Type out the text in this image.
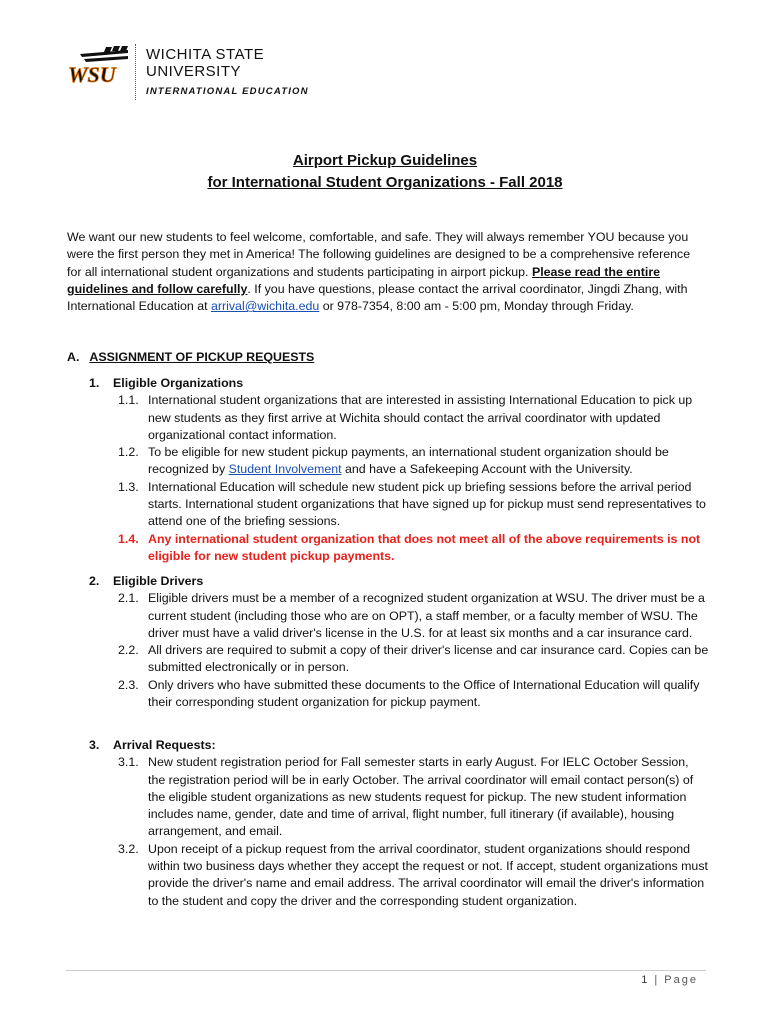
WSU
WICHITA STATE
UNIVERSITY
INTERNATIONAL EDUCATION
Airport Pickup Guidelines
for International Student Organizations - Fall 2018
We want our new students to feel welcome, comfortable, and safe. They will always remember YOU because you were the first person they met in America! The following guidelines are designed to be a comprehensive reference for all international student organizations and students participating in airport pickup. Please read the entire guidelines and follow carefully. If you have questions, please contact the arrival coordinator, Jingdi Zhang, with International Education at arrival@wichita.edu or 978-7354, 8:00 am - 5:00 pm, Monday through Friday.
A. ASSIGNMENT OF PICKUP REQUESTS
1. Eligible Organizations
1.1. International student organizations that are interested in assisting International Education to pick up new students as they first arrive at Wichita should contact the arrival coordinator with updated organizational contact information.
1.2. To be eligible for new student pickup payments, an international student organization should be recognized by Student Involvement and have a Safekeeping Account with the University.
1.3. International Education will schedule new student pick up briefing sessions before the arrival period starts. International student organizations that have signed up for pickup must send representatives to attend one of the briefing sessions.
1.4. Any international student organization that does not meet all of the above requirements is not eligible for new student pickup payments.
2. Eligible Drivers
2.1. Eligible drivers must be a member of a recognized student organization at WSU. The driver must be a current student (including those who are on OPT), a staff member, or a faculty member of WSU. The driver must have a valid driver's license in the U.S. for at least six months and a car insurance card.
2.2. All drivers are required to submit a copy of their driver's license and car insurance card. Copies can be submitted electronically or in person.
2.3. Only drivers who have submitted these documents to the Office of International Education will qualify their corresponding student organization for pickup payment.
3. Arrival Requests:
3.1. New student registration period for Fall semester starts in early August. For IELC October Session, the registration period will be in early October. The arrival coordinator will email contact person(s) of the eligible student organizations as new students request for pickup. The new student information includes name, gender, date and time of arrival, flight number, full itinerary (if available), housing arrangement, and email.
3.2. Upon receipt of a pickup request from the arrival coordinator, student organizations should respond within two business days whether they accept the request or not. If accept, student organizations must provide the driver's name and email address. The arrival coordinator will email the driver's information to the student and copy the driver and the corresponding student organization.
1 | Page
